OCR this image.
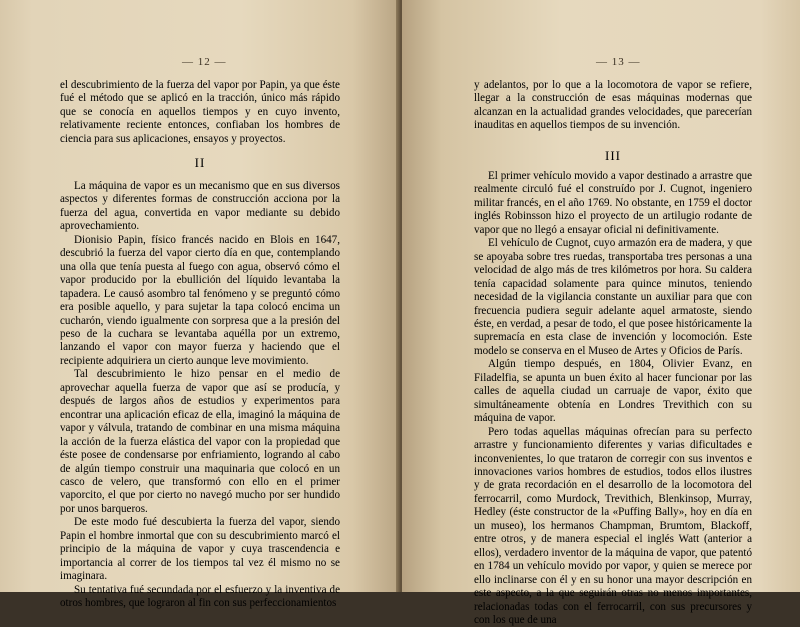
— 12 —

el descubrimiento de la fuerza del vapor por Papin, ya que éste fué el método que se aplicó en la tracción, único más rápido que se conocía en aquellos tiempos y en cuyo invento, relativamente reciente entonces, confiaban los hombres de ciencia para sus aplicaciones, ensayos y proyectos.

II

La máquina de vapor es un mecanismo que en sus diversos aspectos y diferentes formas de construcción acciona por la fuerza del agua, convertida en vapor mediante su debido aprovechamiento.

Dionisio Papin, físico francés nacido en Blois en 1647, descubrió la fuerza del vapor cierto día en que, contemplando una olla que tenía puesta al fuego con agua, observó cómo el vapor producido por la ebullición del líquido levantaba la tapadera. Le causó asombro tal fenómeno y se preguntó cómo era posible aquello, y para sujetar la tapa colocó encima un cucharón, viendo igualmente con sorpresa que a la presión del peso de la cuchara se levantaba aquélla por un extremo, lanzando el vapor con mayor fuerza y haciendo que el recipiente adquiriera un cierto aunque leve movimiento.

Tal descubrimiento le hizo pensar en el medio de aprovechar aquella fuerza de vapor que así se producía, y después de largos años de estudios y experimentos para encontrar una aplicación eficaz de ella, imaginó la máquina de vapor y válvula, tratando de combinar en una misma máquina la acción de la fuerza elástica del vapor con la propiedad que éste posee de condensarse por enfriamiento, logrando al cabo de algún tiempo construir una maquinaria que colocó en un casco de velero, que transformó con ello en el primer vaporcito, el que por cierto no navegó mucho por ser hundido por unos barqueros.

De este modo fué descubierta la fuerza del vapor, siendo Papin el hombre inmortal que con su descubrimiento marcó el principio de la máquina de vapor y cuya trascendencia e importancia al correr de los tiempos tal vez él mismo no se imaginara.

Su tentativa fué secundada por el esfuerzo y la inventiva de otros hombres, que lograron al fin con sus perfeccionamientos

— 13 —

y adelantos, por lo que a la locomotora de vapor se refiere, llegar a la construcción de esas máquinas modernas que alcanzan en la actualidad grandes velocidades, que parecerían inauditas en aquellos tiempos de su invención.

III

El primer vehículo movido a vapor destinado a arrastre que realmente circuló fué el construído por J. Cugnot, ingeniero militar francés, en el año 1769. No obstante, en 1759 el doctor inglés Robinsson hizo el proyecto de un artilugio rodante de vapor que no llegó a ensayar oficial ni definitivamente.

El vehículo de Cugnot, cuyo armazón era de madera, y que se apoyaba sobre tres ruedas, transportaba tres personas a una velocidad de algo más de tres kilómetros por hora. Su caldera tenía capacidad solamente para quince minutos, teniendo necesidad de la vigilancia constante un auxiliar para que con frecuencia pudiera seguir adelante aquel armatoste, siendo éste, en verdad, a pesar de todo, el que posee históricamente la supremacía en esta clase de invención y locomoción. Este modelo se conserva en el Museo de Artes y Oficios de París.

Algún tiempo después, en 1804, Olivier Evanz, en Filadelfia, se apunta un buen éxito al hacer funcionar por las calles de aquella ciudad un carruaje de vapor, éxito que simultáneamente obtenía en Londres Trevithich con su máquina de vapor.

Pero todas aquellas máquinas ofrecían para su perfecto arrastre y funcionamiento diferentes y varias dificultades e inconvenientes, lo que trataron de corregir con sus inventos e innovaciones varios hombres de estudios, todos ellos ilustres y de grata recordación en el desarrollo de la locomotora del ferrocarril, como Murdock, Trevithich, Blenkinsop, Murray, Hedley (éste constructor de la «Puffing Bally», hoy en día en un museo), los hermanos Champman, Brumtom, Blackoff, entre otros, y de manera especial el inglés Watt (anterior a ellos), verdadero inventor de la máquina de vapor, que patentó en 1784 un vehículo movido por vapor, y quien se merece por ello inclinarse con él y en su honor una mayor descripción en este aspecto, a la que seguirán otras no menos importantes, relacionadas todas con el ferrocarril, con sus precursores y con los que de una
